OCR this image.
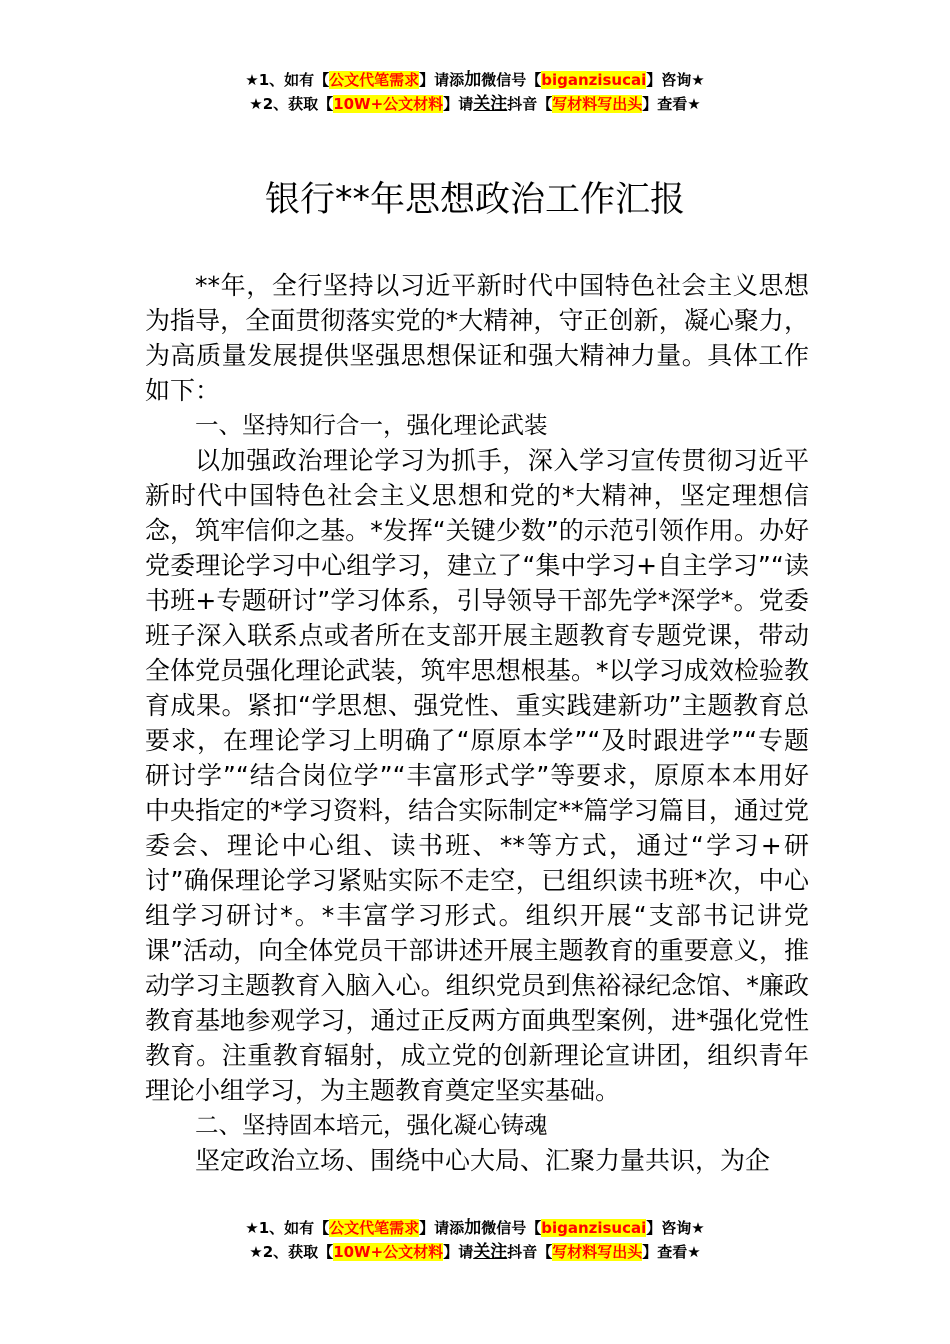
★1、如有【公文代笔需求】请添加微信号【biganzisucai】咨询★
★2、获取【10W+公文材料】请关注抖音【写材料写出头】查看★
银行**年思想政治工作汇报

**年，全行坚持以习近平新时代中国特色社会主义思想为指导，全面贯彻落实党的*大精神，守正创新，凝心聚力，为高质量发展提供坚强思想保证和强大精神力量。具体工作如下：

一、坚持知行合一，强化理论武装

以加强政治理论学习为抓手，深入学习宣传贯彻习近平新时代中国特色社会主义思想和党的*大精神，坚定理想信念，筑牢信仰之基。*发挥“关键少数”的示范引领作用。办好党委理论学习中心组学习，建立了“集中学习+自主学习”“读书班+专题研讨”学习体系，引导领导干部先学*深学*。党委班子深入联系点或者所在支部开展主题教育专题党课，带动全体党员强化理论武装，筑牢思想根基。*以学习成效检验教育成果。紧扣“学思想、强党性、重实践建新功”主题教育总要求，在理论学习上明确了“原原本学”“及时跟进学”“专题研讨学”“结合岗位学”“丰富形式学”等要求，原原本本用好中央指定的*学习资料，结合实际制定**篇学习篇目，通过党委会、理论中心组、读书班、**等方式，通过“学习+研讨”确保理论学习紧贴实际不走空，已组织读书班*次，中心组学习研讨*。*丰富学习形式。组织开展“支部书记讲党课”活动，向全体党员干部讲述开展主题教育的重要意义，推动学习主题教育入脑入心。组织党员到焦裕禄纪念馆、*廉政教育基地参观学习，通过正反两方面典型案例，进*强化党性教育。注重教育辐射，成立党的创新理论宣讲团，组织青年理论小组学习，为主题教育奠定坚实基础。

二、坚持固本培元，强化凝心铸魂

坚定政治立场、围绕中心大局、汇聚力量共识，为企

★1、如有【公文代笔需求】请添加微信号【biganzisucai】咨询★
★2、获取【10W+公文材料】请关注抖音【写材料写出头】查看★
